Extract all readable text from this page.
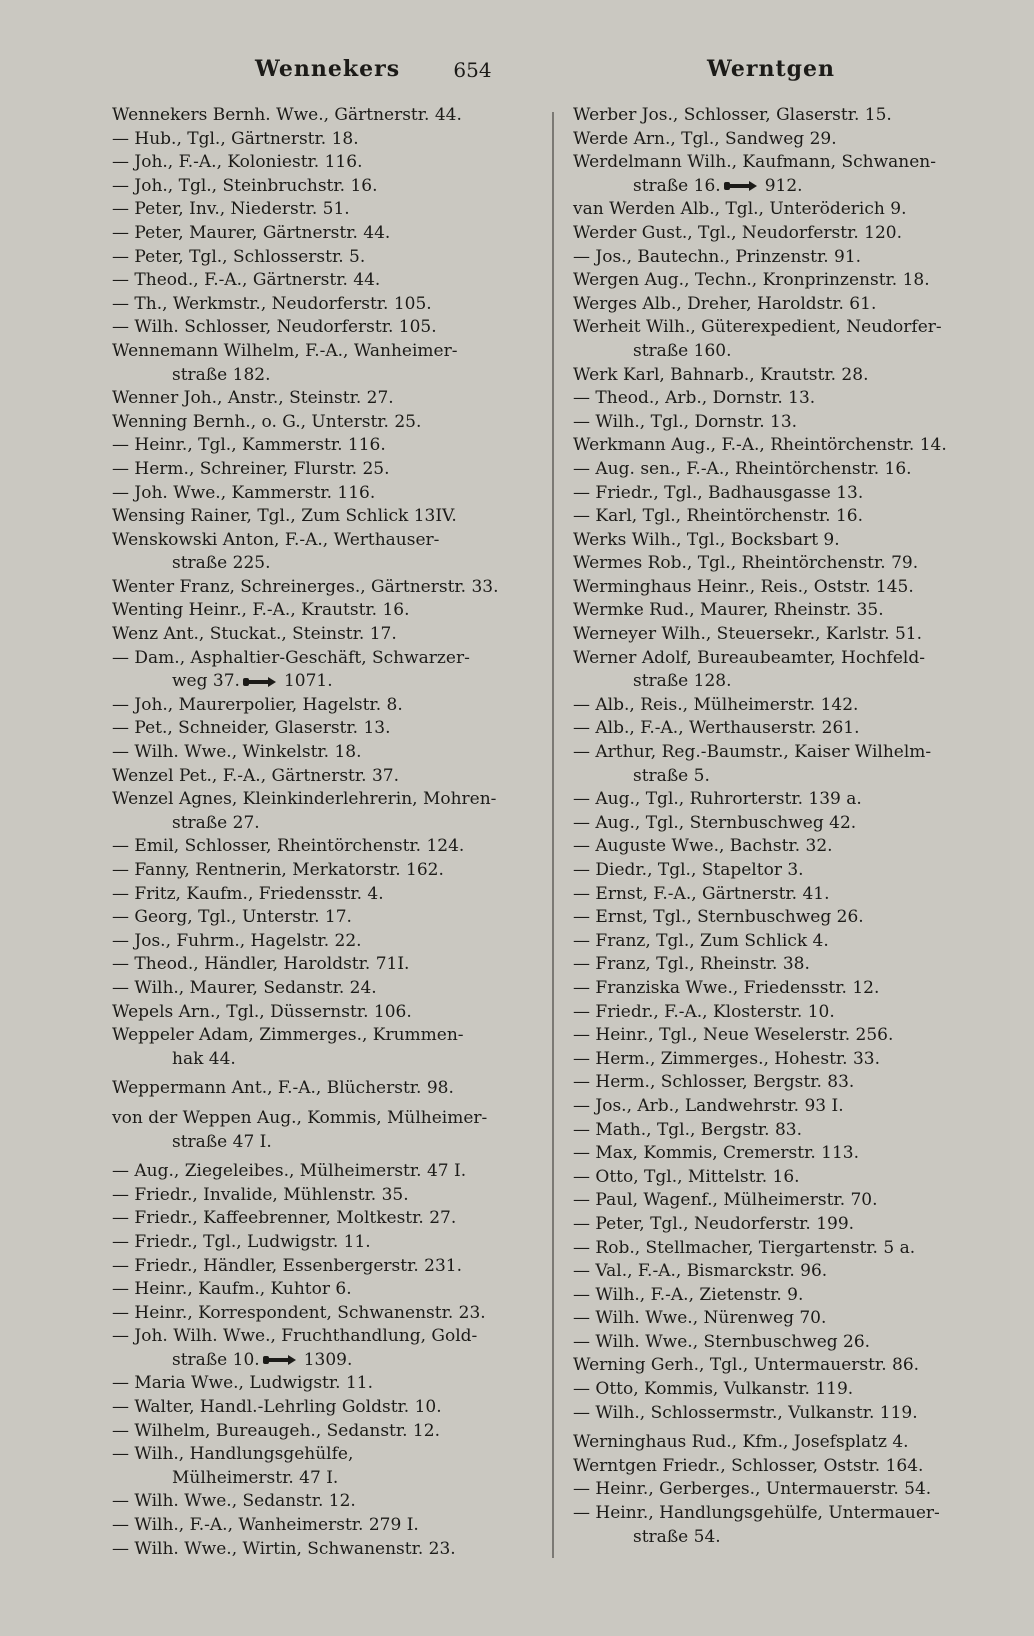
Wennekers	654	Werntgen
Wennekers Bernh. Wwe., Gärtnerstr. 44.
— Hub., Tgl., Gärtnerstr. 18.
— Joh., F.-A., Koloniestr. 116.
— Joh., Tgl., Steinbruchstr. 16.
— Peter, Inv., Niederstr. 51.
— Peter, Maurer, Gärtnerstr. 44.
— Peter, Tgl., Schlosserstr. 5.
— Theod., F.-A., Gärtnerstr. 44.
— Th., Werkmstr., Neudorferstr. 105.
— Wilh. Schlosser, Neudorferstr. 105.
Wennemann Wilhelm, F.-A., Wanheimer-
straße 182.
Wenner Joh., Anstr., Steinstr. 27.
Wenning Bernh., o. G., Unterstr. 25.
— Heinr., Tgl., Kammerstr. 116.
— Herm., Schreiner, Flurstr. 25.
— Joh. Wwe., Kammerstr. 116.
Wensing Rainer, Tgl., Zum Schlick 13IV.
Wenskowski Anton, F.-A., Werthauser-
straße 225.
Wenter Franz, Schreinerges., Gärtnerstr. 33.
Wenting Heinr., F.-A., Krautstr. 16.
Wenz Ant., Stuckat., Steinstr. 17.
— Dam., Asphaltier-Geschäft, Schwarzer-
weg 37.	1071.
— Joh., Maurerpolier, Hagelstr. 8.
— Pet., Schneider, Glaserstr. 13.
— Wilh. Wwe., Winkelstr. 18.
Wenzel Pet., F.-A., Gärtnerstr. 37.
Wenzel Agnes, Kleinkinderlehrerin, Mohren-
straße 27.
— Emil, Schlosser, Rheintörchenstr. 124.
— Fanny, Rentnerin, Merkatorstr. 162.
— Fritz, Kaufm., Friedensstr. 4.
— Georg, Tgl., Unterstr. 17.
— Jos., Fuhrm., Hagelstr. 22.
— Theod., Händler, Haroldstr. 71I.
— Wilh., Maurer, Sedanstr. 24.
Wepels Arn., Tgl., Düssernstr. 106.
Weppeler Adam, Zimmerges., Krummen-
hak 44.
Weppermann Ant., F.-A., Blücherstr. 98.
von der Weppen Aug., Kommis, Mülheimer-
straße 47 I.
— Aug., Ziegeleibes., Mülheimerstr. 47 I.
— Friedr., Invalide, Mühlenstr. 35.
— Friedr., Kaffeebrenner, Moltkestr. 27.
— Friedr., Tgl., Ludwigstr. 11.
— Friedr., Händler, Essenbergerstr. 231.
— Heinr., Kaufm., Kuhtor 6.
— Heinr., Korrespondent, Schwanenstr. 23.
— Joh. Wilh. Wwe., Fruchthandlung, Gold-
straße 10.	1309.
— Maria Wwe., Ludwigstr. 11.
— Walter, Handl.-Lehrling Goldstr. 10.
— Wilhelm, Bureaugeh., Sedanstr. 12.
— Wilh., Handlungsgehülfe,
Mülheimerstr. 47 I.
— Wilh. Wwe., Sedanstr. 12.
— Wilh., F.-A., Wanheimerstr. 279 I.
— Wilh. Wwe., Wirtin, Schwanenstr. 23.
Werber Jos., Schlosser, Glaserstr. 15.
Werde Arn., Tgl., Sandweg 29.
Werdelmann Wilh., Kaufmann, Schwanen-
straße 16.	912.
van Werden Alb., Tgl., Unteröderich 9.
Werder Gust., Tgl., Neudorferstr. 120.
— Jos., Bautechn., Prinzenstr. 91.
Wergen Aug., Techn., Kronprinzenstr. 18.
Werges Alb., Dreher, Haroldstr. 61.
Werheit Wilh., Güterexpedient, Neudorfer-
straße 160.
Werk Karl, Bahnarb., Krautstr. 28.
— Theod., Arb., Dornstr. 13.
— Wilh., Tgl., Dornstr. 13.
Werkmann Aug., F.-A., Rheintörchenstr. 14.
— Aug. sen., F.-A., Rheintörchenstr. 16.
— Friedr., Tgl., Badhausgasse 13.
— Karl, Tgl., Rheintörchenstr. 16.
Werks Wilh., Tgl., Bocksbart 9.
Wermes Rob., Tgl., Rheintörchenstr. 79.
Werminghaus Heinr., Reis., Oststr. 145.
Wermke Rud., Maurer, Rheinstr. 35.
Werneyer Wilh., Steuersekr., Karlstr. 51.
Werner Adolf, Bureaubeamter, Hochfeld-
straße 128.
— Alb., Reis., Mülheimerstr. 142.
— Alb., F.-A., Werthauserstr. 261.
— Arthur, Reg.-Baumstr., Kaiser Wilhelm-
straße 5.
— Aug., Tgl., Ruhrorterstr. 139 a.
— Aug., Tgl., Sternbuschweg 42.
— Auguste Wwe., Bachstr. 32.
— Diedr., Tgl., Stapeltor 3.
— Ernst, F.-A., Gärtnerstr. 41.
— Ernst, Tgl., Sternbuschweg 26.
— Franz, Tgl., Zum Schlick 4.
— Franz, Tgl., Rheinstr. 38.
— Franziska Wwe., Friedensstr. 12.
— Friedr., F.-A., Klosterstr. 10.
— Heinr., Tgl., Neue Weselerstr. 256.
— Herm., Zimmerges., Hohestr. 33.
— Herm., Schlosser, Bergstr. 83.
— Jos., Arb., Landwehrstr. 93 I.
— Math., Tgl., Bergstr. 83.
— Max, Kommis, Cremerstr. 113.
— Otto, Tgl., Mittelstr. 16.
— Paul, Wagenf., Mülheimerstr. 70.
— Peter, Tgl., Neudorferstr. 199.
— Rob., Stellmacher, Tiergartenstr. 5 a.
— Val., F.-A., Bismarckstr. 96.
— Wilh., F.-A., Zietenstr. 9.
— Wilh. Wwe., Nürenweg 70.
— Wilh. Wwe., Sternbuschweg 26.
Werning Gerh., Tgl., Untermauerstr. 86.
— Otto, Kommis, Vulkanstr. 119.
— Wilh., Schlossermstr., Vulkanstr. 119.
Werninghaus Rud., Kfm., Josefsplatz 4.
Werntgen Friedr., Schlosser, Oststr. 164.
— Heinr., Gerberges., Untermauerstr. 54.
— Heinr., Handlungsgehülfe, Untermauer-
straße 54.
